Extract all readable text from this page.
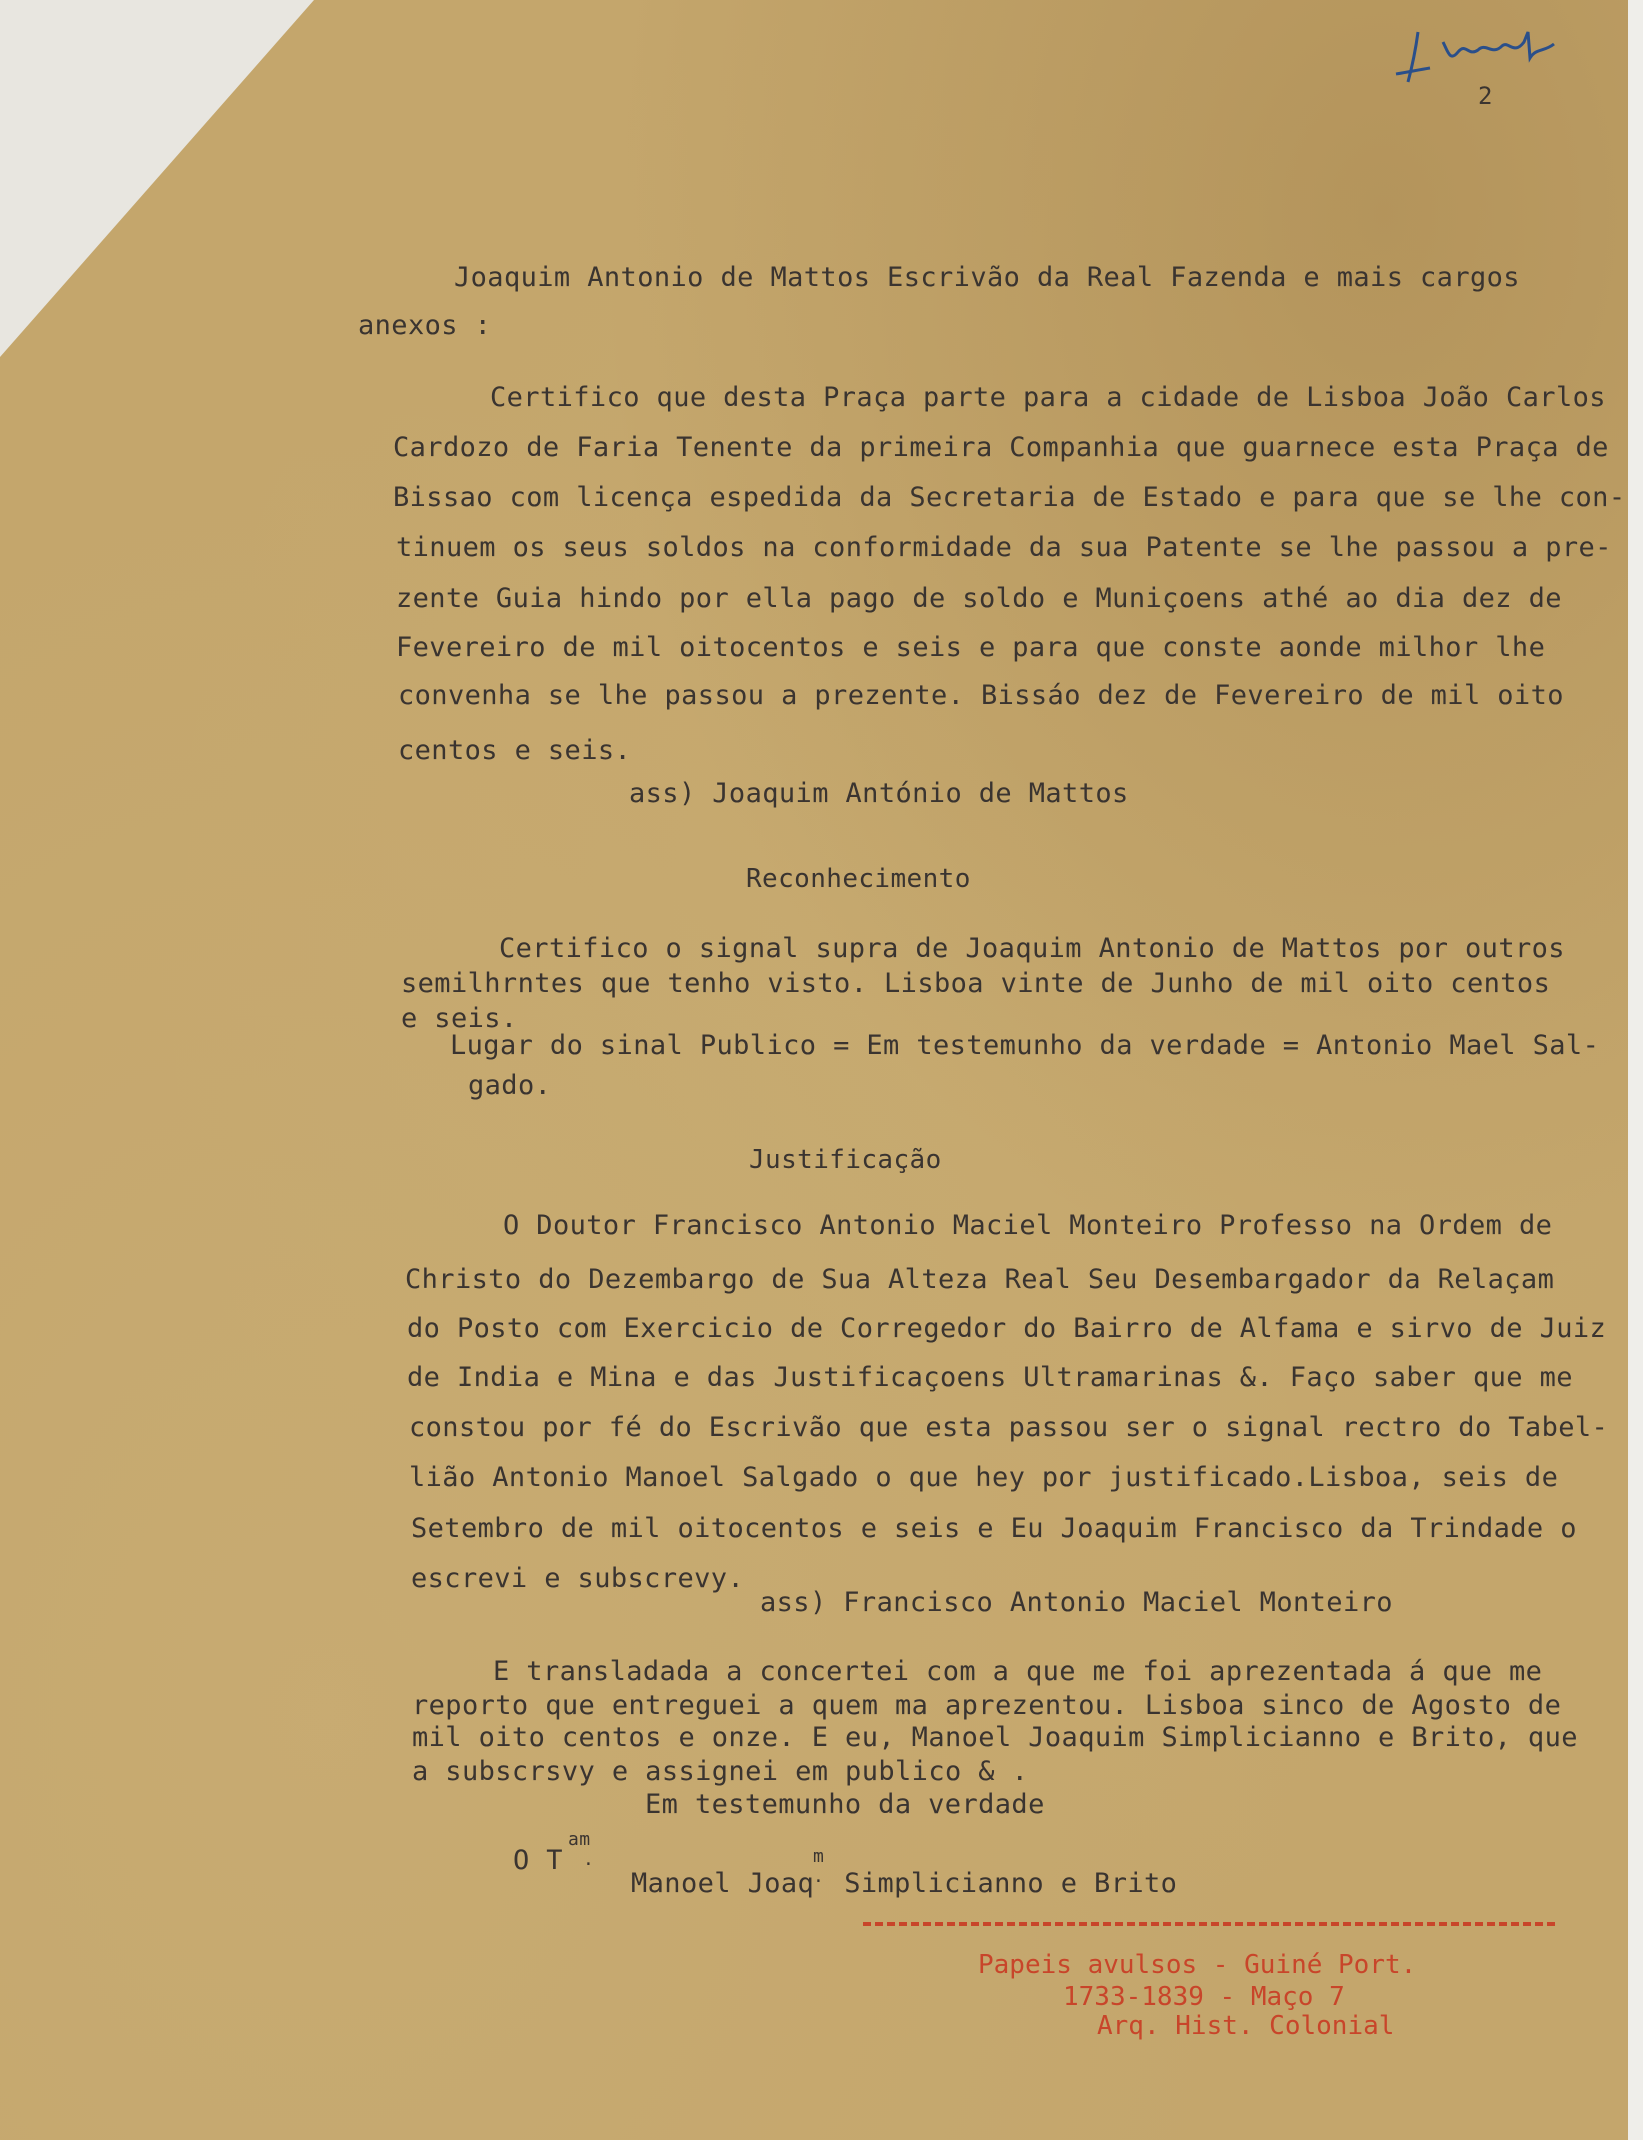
2
Joaquim Antonio de Mattos Escrivão da Real Fazenda e mais cargos
anexos :
Certifico que desta Praça parte para a cidade de Lisboa João Carlos
Cardozo de Faria Tenente da primeira Companhia que guarnece esta Praça de
Bissao com licença espedida da Secretaria de Estado e para que se lhe con-
tinuem os seus soldos na conformidade da sua Patente se lhe passou a pre-
zente Guia hindo por ella pago de soldo e Muniçoens athé ao dia dez de
Fevereiro de mil oitocentos e seis e para que conste aonde milhor lhe
convenha se lhe passou a prezente. Bissáo dez de Fevereiro de mil oito
centos e seis.
ass) Joaquim António de Mattos
Reconhecimento
Certifico o signal supra de Joaquim Antonio de Mattos por outros
semilhrntes que tenho visto. Lisboa vinte de Junho de mil oito centos
e seis.
Lugar do sinal Publico = Em testemunho da verdade = Antonio Mael Sal-
gado.
Justificação
O Doutor Francisco Antonio Maciel Monteiro Professo na Ordem de
Christo do Dezembargo de Sua Alteza Real Seu Desembargador da Relaçam
do Posto com Exercicio de Corregedor do Bairro de Alfama e sirvo de Juiz
de India e Mina e das Justificaçoens Ultramarinas &. Faço saber que me
constou por fé do Escrivão que esta passou ser o signal rectro do Tabel-
lião Antonio Manoel Salgado o que hey por justificado.Lisboa, seis de
Setembro de mil oitocentos e seis e Eu Joaquim Francisco da Trindade o
escrevi e subscrevy.
ass) Francisco Antonio Maciel Monteiro
E transladada a concertei com a que me foi aprezentada á que me
reporto que entreguei a quem ma aprezentou. Lisboa sinco de Agosto de
mil oito centos e onze. E eu, Manoel Joaquim Simplicianno e Brito, que
a subscrsvy e assignei em publico & .
Em testemunho da verdade
O T
am
.
Manoel Joaq
m
. Simplicianno e Brito
Papeis avulsos - Guiné Port.
1733-1839 - Maço 7
Arq. Hist. Colonial
